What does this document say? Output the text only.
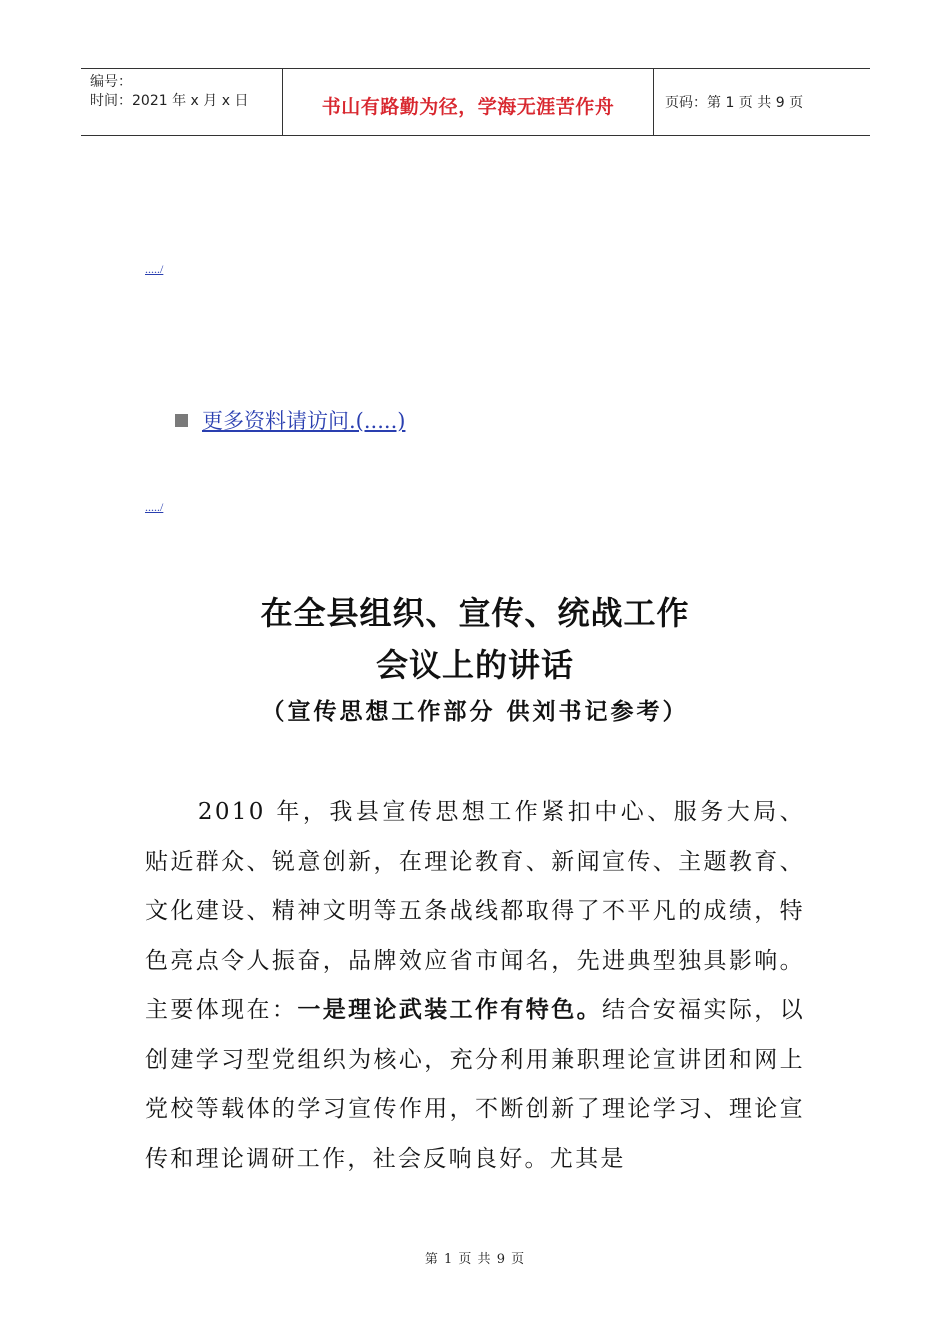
编号：
时间：2021 年 x 月 x 日	书山有路勤为径，学海无涯苦作舟	页码：第 1 页 共 9 页
...../
更多资料请访问.(.....)
...../
在全县组织、宣传、统战工作
会议上的讲话
（宣传思想工作部分 供刘书记参考）
2010 年，我县宣传思想工作紧扣中心、服务大局、贴近群众、锐意创新，在理论教育、新闻宣传、主题教育、文化建设、精神文明等五条战线都取得了不平凡的成绩，特色亮点令人振奋，品牌效应省市闻名，先进典型独具影响。主要体现在：一是理论武装工作有特色。结合安福实际，以创建学习型党组织为核心，充分利用兼职理论宣讲团和网上党校等载体的学习宣传作用，不断创新了理论学习、理论宣传和理论调研工作，社会反响良好。尤其是
第 1 页 共 9 页
